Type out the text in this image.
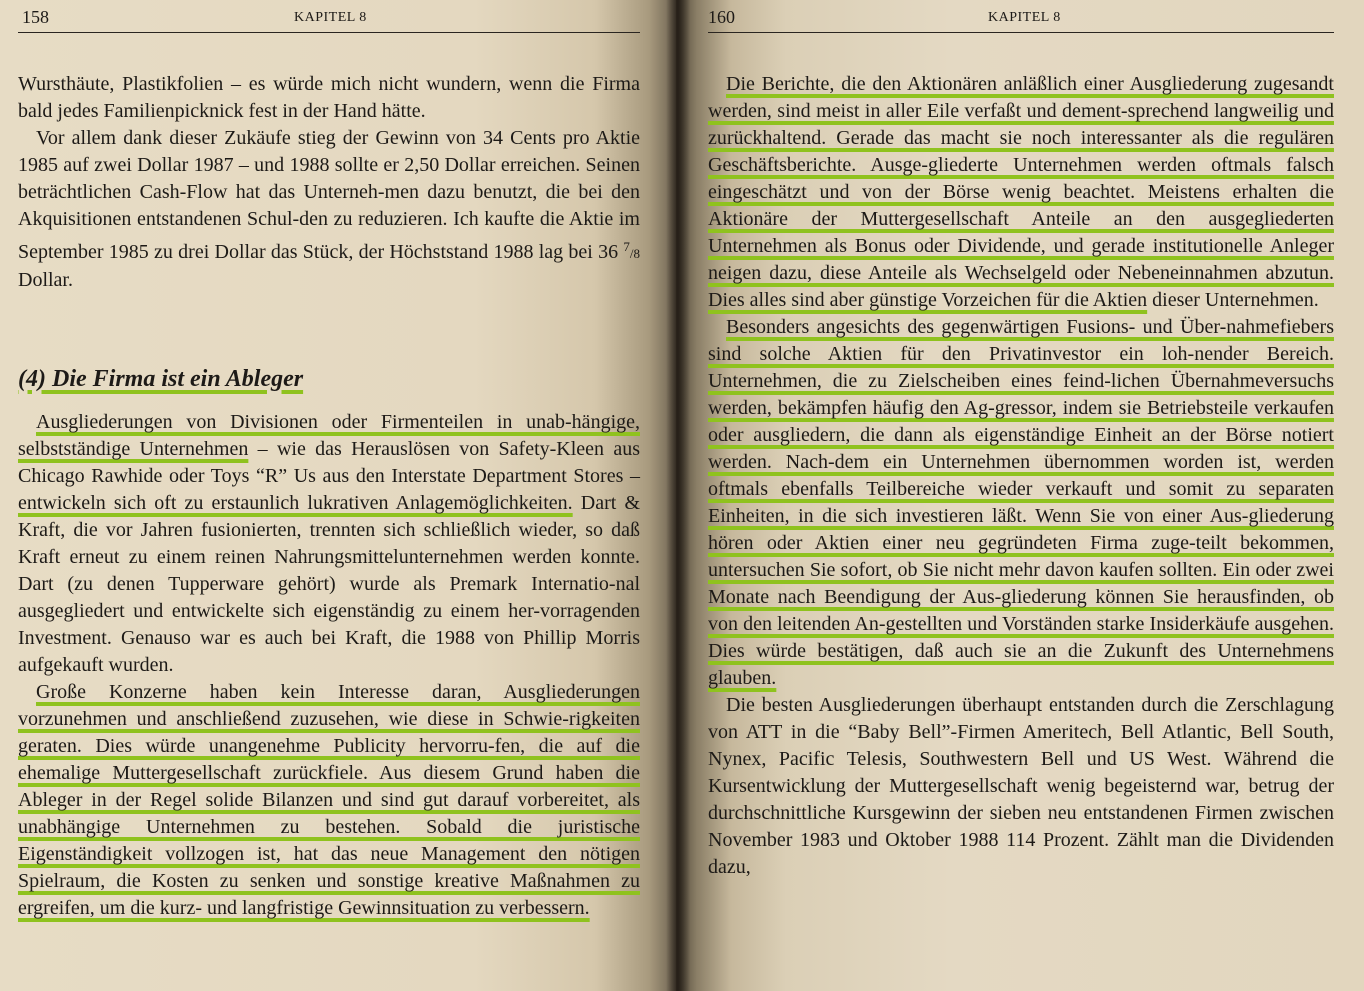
158	KAPITEL 8

Wursthäute, Plastikfolien – es würde mich nicht wundern, wenn die Firma bald jedes Familienpicknick fest in der Hand hätte.

Vor allem dank dieser Zukäufe stieg der Gewinn von 34 Cents pro Aktie 1985 auf zwei Dollar 1987 – und 1988 sollte er 2,50 Dollar erreichen. Seinen beträchtlichen Cash-Flow hat das Unterneh-men dazu benutzt, die bei den Akquisitionen entstandenen Schul-den zu reduzieren. Ich kaufte die Aktie im September 1985 zu drei Dollar das Stück, der Höchststand 1988 lag bei 36 $^7$/8 Dollar.

(4) Die Firma ist ein Ableger

Ausgliederungen von Divisionen oder Firmenteilen in unab-hängige, selbstständige Unternehmen – wie das Herauslösen von Safety-Kleen aus Chicago Rawhide oder Toys “R” Us aus den Interstate Department Stores – entwickeln sich oft zu erstaunlich lukrativen Anlagemöglichkeiten. Dart & Kraft, die vor Jahren fusionierten, trennten sich schließlich wieder, so daß Kraft erneut zu einem reinen Nahrungsmittelunternehmen werden konnte. Dart (zu denen Tupperware gehört) wurde als Premark Internatio-nal ausgegliedert und entwickelte sich eigenständig zu einem her-vorragenden Investment. Genauso war es auch bei Kraft, die 1988 von Phillip Morris aufgekauft wurden.

Große Konzerne haben kein Interesse daran, Ausgliederungen vorzunehmen und anschließend zuzusehen, wie diese in Schwie-rigkeiten geraten. Dies würde unangenehme Publicity hervorru-fen, die auf die ehemalige Muttergesellschaft zurückfiele. Aus diesem Grund haben die Ableger in der Regel solide Bilanzen und sind gut darauf vorbereitet, als unabhängige Unternehmen zu bestehen. Sobald die juristische Eigenständigkeit vollzogen ist, hat das neue Management den nötigen Spielraum, die Kosten zu senken und sonstige kreative Maßnahmen zu ergreifen, um die kurz- und langfristige Gewinnsituation zu verbessern.

160	KAPITEL 8

Die Berichte, die den Aktionären anläßlich einer Ausgliederung zugesandt werden, sind meist in aller Eile verfaßt und dement-sprechend langweilig und zurückhaltend. Gerade das macht sie noch interessanter als die regulären Geschäftsberichte. Ausge-gliederte Unternehmen werden oftmals falsch eingeschätzt und von der Börse wenig beachtet. Meistens erhalten die Aktionäre der Muttergesellschaft Anteile an den ausgegliederten Unternehmen als Bonus oder Dividende, und gerade institutionelle Anleger neigen dazu, diese Anteile als Wechselgeld oder Nebeneinnahmen abzutun. Dies alles sind aber günstige Vorzeichen für die Aktien dieser Unternehmen.

Besonders angesichts des gegenwärtigen Fusions- und Über-nahmefiebers sind solche Aktien für den Privatinvestor ein loh-nender Bereich. Unternehmen, die zu Zielscheiben eines feind-lichen Übernahmeversuchs werden, bekämpfen häufig den Ag-gressor, indem sie Betriebsteile verkaufen oder ausgliedern, die dann als eigenständige Einheit an der Börse notiert werden. Nach-dem ein Unternehmen übernommen worden ist, werden oftmals ebenfalls Teilbereiche wieder verkauft und somit zu separaten Einheiten, in die sich investieren läßt. Wenn Sie von einer Aus-gliederung hören oder Aktien einer neu gegründeten Firma zuge-teilt bekommen, untersuchen Sie sofort, ob Sie nicht mehr davon kaufen sollten. Ein oder zwei Monate nach Beendigung der Aus-gliederung können Sie herausfinden, ob von den leitenden An-gestellten und Vorständen starke Insiderkäufe ausgehen. Dies würde bestätigen, daß auch sie an die Zukunft des Unternehmens glauben.

Die besten Ausgliederungen überhaupt entstanden durch die Zerschlagung von ATT in die “Baby Bell”-Firmen Ameritech, Bell Atlantic, Bell South, Nynex, Pacific Telesis, Southwestern Bell und US West. Während die Kursentwicklung der Muttergesellschaft wenig begeisternd war, betrug der durchschnittliche Kursgewinn der sieben neu entstandenen Firmen zwischen November 1983 und Oktober 1988 114 Prozent. Zählt man die Dividenden dazu,
